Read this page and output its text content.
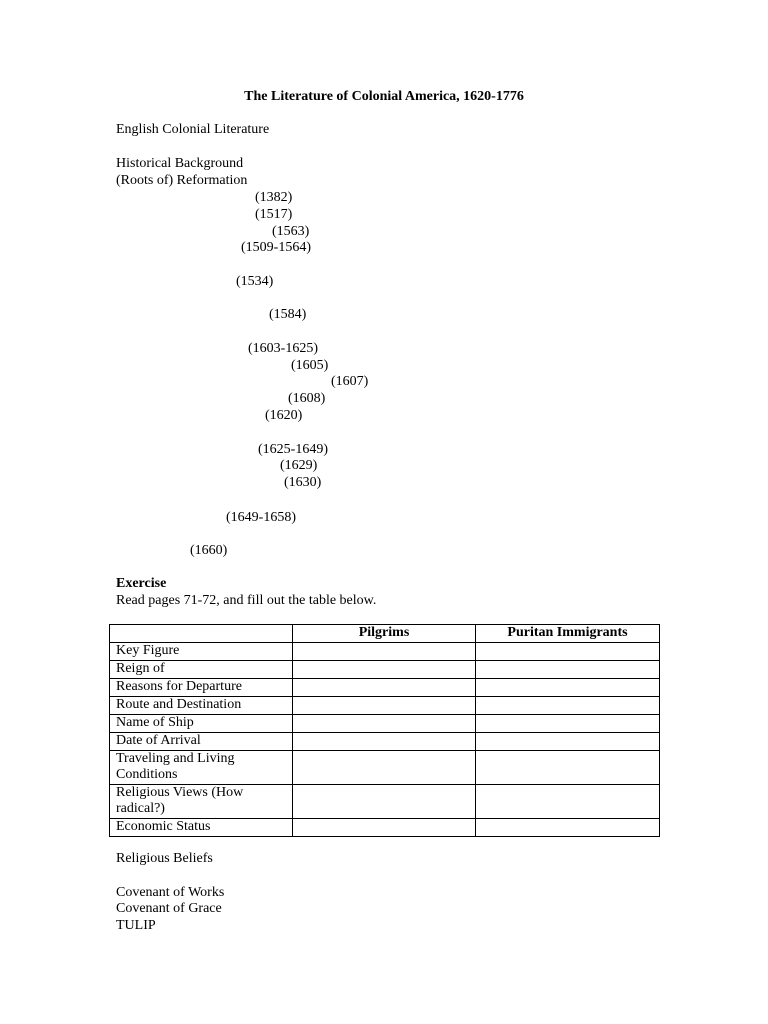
The Literature of Colonial America, 1620-1776
English Colonial Literature
Historical Background
(Roots of) Reformation
(1382)
(1517)
(1563)
(1509-1564)
(1534)
(1584)
(1603-1625)
(1605)
(1607)
(1608)
(1620)
(1625-1649)
(1629)
(1630)
(1649-1658)
(1660)
Exercise
Read pages 71-72, and fill out the table below.
	Pilgrims	Puritan Immigrants
Key Figure		
Reign of		
Reasons for Departure		
Route and Destination		
Name of Ship		
Date of Arrival		
Traveling and Living Conditions		
Religious Views (How radical?)		
Economic Status		
Religious Beliefs
Covenant of Works
Covenant of Grace
TULIP
